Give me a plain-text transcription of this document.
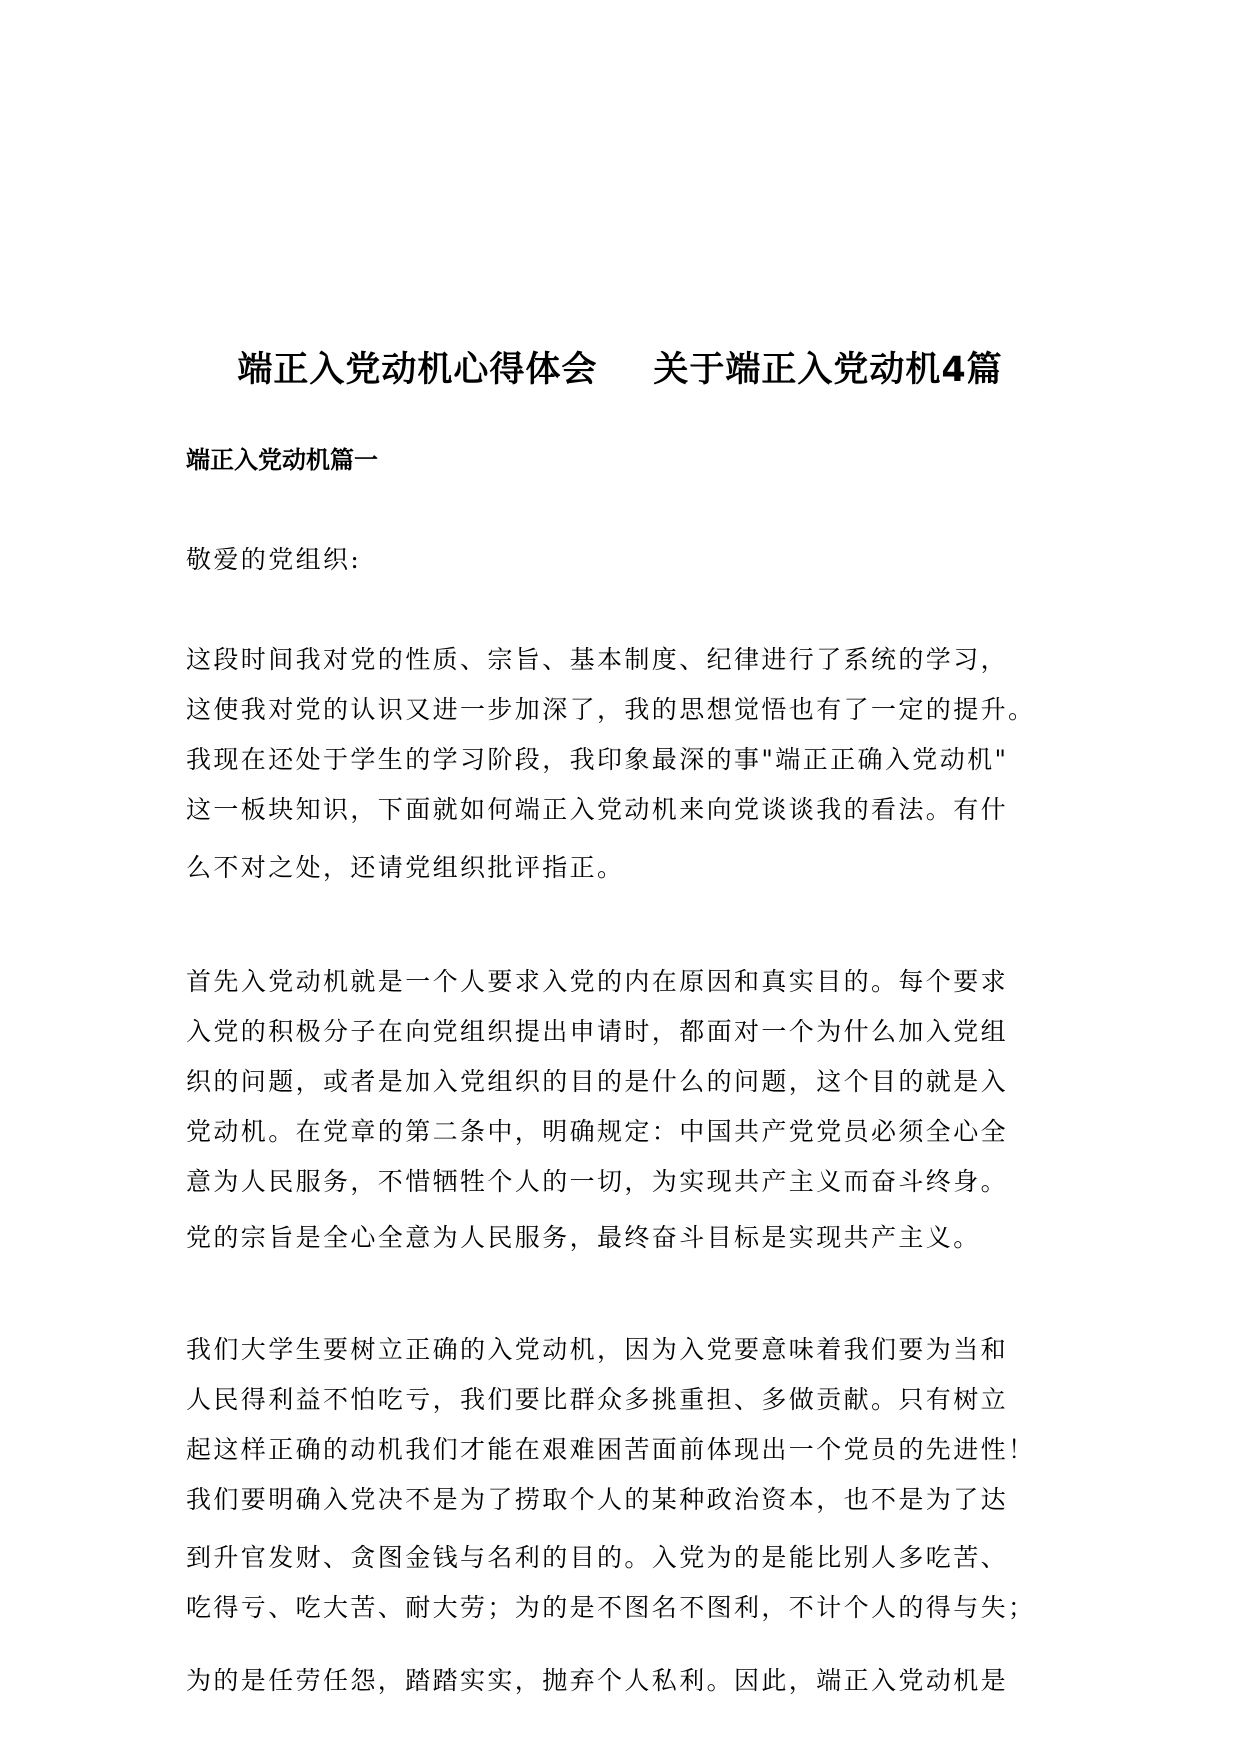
端正入党动机心得体会 关于端正入党动机4篇
端正入党动机篇一
敬爱的党组织:
这段时间我对党的性质、宗旨、基本制度、纪律进行了系统的学习，
这使我对党的认识又进一步加深了，我的思想觉悟也有了一定的提升。
我现在还处于学生的学习阶段，我印象最深的事"端正正确入党动机"
这一板块知识，下面就如何端正入党动机来向党谈谈我的看法。有什
么不对之处，还请党组织批评指正。
首先入党动机就是一个人要求入党的内在原因和真实目的。每个要求
入党的积极分子在向党组织提出申请时，都面对一个为什么加入党组
织的问题，或者是加入党组织的目的是什么的问题，这个目的就是入
党动机。在党章的第二条中，明确规定：中国共产党党员必须全心全
意为人民服务，不惜牺牲个人的一切，为实现共产主义而奋斗终身。
党的宗旨是全心全意为人民服务，最终奋斗目标是实现共产主义。
我们大学生要树立正确的入党动机，因为入党要意味着我们要为当和
人民得利益不怕吃亏，我们要比群众多挑重担、多做贡献。只有树立
起这样正确的动机我们才能在艰难困苦面前体现出一个党员的先进性！
我们要明确入党决不是为了捞取个人的某种政治资本，也不是为了达
到升官发财、贪图金钱与名利的目的。入党为的是能比别人多吃苦、
吃得亏、吃大苦、耐大劳；为的是不图名不图利，不计个人的得与失；
为的是任劳任怨，踏踏实实，抛弃个人私利。因此，端正入党动机是
